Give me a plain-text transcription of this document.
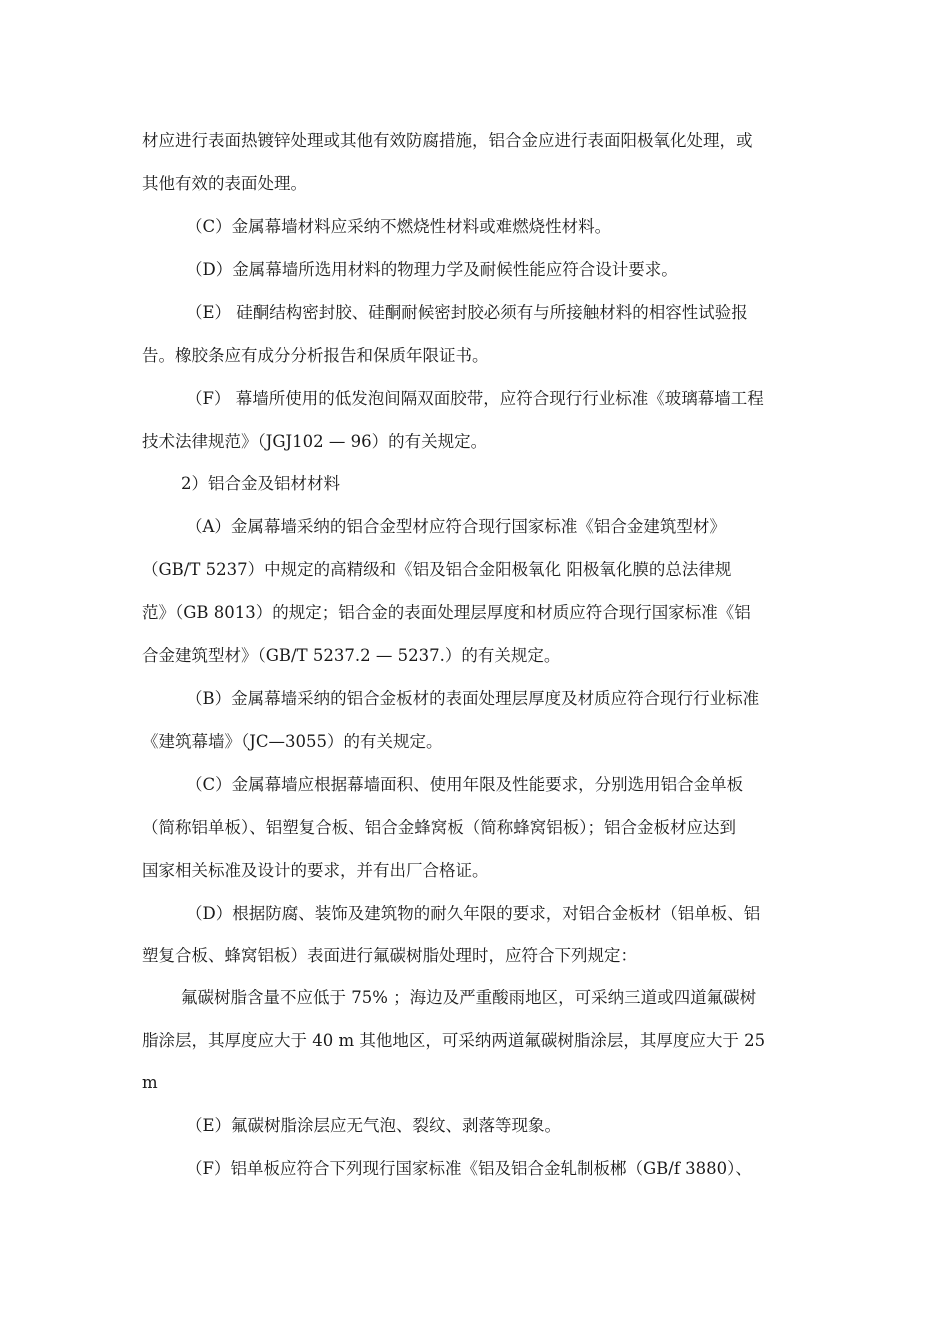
材应进行表面热镀锌处理或其他有效防腐措施，铝合金应进行表面阳极氧化处理，或
其他有效的表面处理。
（C）金属幕墙材料应采纳不燃烧性材料或难燃烧性材料。
（D）金属幕墙所选用材料的物理力学及耐候性能应符合设计要求。
（E） 硅酮结构密封胶、硅酮耐候密封胶必须有与所接触材料的相容性试验报
告。橡胶条应有成分分析报告和保质年限证书。
（F） 幕墙所使用的低发泡间隔双面胶带，应符合现行行业标准《玻璃幕墙工程
技术法律规范》（JGJ102 — 96）的有关规定。
2）铝合金及铝材材料
（A）金属幕墙采纳的铝合金型材应符合现行国家标准《铝合金建筑型材》
（GB/T 5237）中规定的高精级和《铝及铝合金阳极氧化 阳极氧化膜的总法律规
范》（GB 8013）的规定；铝合金的表面处理层厚度和材质应符合现行国家标准《铝
合金建筑型材》（GB/T 5237.2 — 5237.）的有关规定。
（B）金属幕墙采纳的铝合金板材的表面处理层厚度及材质应符合现行行业标准
《建筑幕墙》（JC—3055）的有关规定。
（C）金属幕墙应根据幕墙面积、使用年限及性能要求，分别选用铝合金单板
（简称铝单板）、铝塑复合板、铝合金蜂窝板（简称蜂窝铝板）；铝合金板材应达到
国家相关标准及设计的要求，并有出厂合格证。
（D）根据防腐、装饰及建筑物的耐久年限的要求，对铝合金板材（铝单板、铝
塑复合板、蜂窝铝板）表面进行氟碳树脂处理时，应符合下列规定：
氟碳树脂含量不应低于 75% ；海边及严重酸雨地区，可采纳三道或四道氟碳树
脂涂层，其厚度应大于 40 m 其他地区，可采纳两道氟碳树脂涂层，其厚度应大于 25
m
（E）氟碳树脂涂层应无气泡、裂纹、剥落等现象。
（F）铝单板应符合下列现行国家标准《铝及铝合金轧制板郴（GB/f 3880）、
